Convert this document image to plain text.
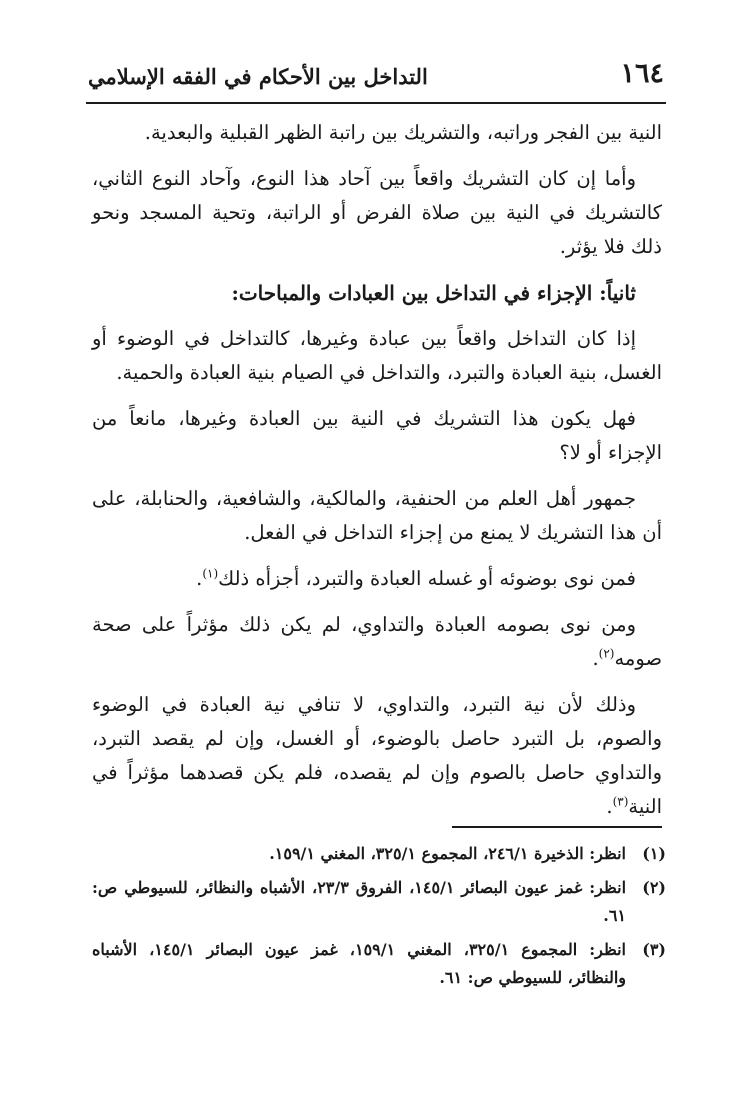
١٦٤
التداخل بين الأحكام في الفقه الإسلامي

النية بين الفجر وراتبه، والتشريك بين راتبة الظهر القبلية والبعدية.

وأما إن كان التشريك واقعاً بين آحاد هذا النوع، وآحاد النوع الثاني، كالتشريك في النية بين صلاة الفرض أو الراتبة، وتحية المسجد ونحو ذلك فلا يؤثر.

ثانياً: الإجزاء في التداخل بين العبادات والمباحات:

إذا كان التداخل واقعاً بين عبادة وغيرها، كالتداخل في الوضوء أو الغسل، بنية العبادة والتبرد، والتداخل في الصيام بنية العبادة والحمية.

فهل يكون هذا التشريك في النية بين العبادة وغيرها، مانعاً من الإجزاء أو لا؟

جمهور أهل العلم من الحنفية، والمالكية، والشافعية، والحنابلة، على أن هذا التشريك لا يمنع من إجزاء التداخل في الفعل.

فمن نوى بوضوئه أو غسله العبادة والتبرد، أجزأه ذلك$^{(١)}$.

ومن نوى بصومه العبادة والتداوي، لم يكن ذلك مؤثراً على صحة صومه$^{(٢)}$.

وذلك لأن نية التبرد، والتداوي، لا تنافي نية العبادة في الوضوء والصوم، بل التبرد حاصل بالوضوء، أو الغسل، وإن لم يقصد التبرد، والتداوي حاصل بالصوم وإن لم يقصده، فلم يكن قصدهما مؤثراً في النية$^{(٣)}$.

(١)
انظر: الذخيرة ٢٤٦/١، المجموع ٣٢٥/١، المغني ١٥٩/١.
(٢)
انظر: غمز عيون البصائر ١٤٥/١، الفروق ٢٣/٣، الأشباه والنظائر، للسيوطي ص: ٦١.
(٣)
انظر: المجموع ٣٢٥/١، المغني ١٥٩/١، غمز عيون البصائر ١٤٥/١، الأشباه والنظائر، للسيوطي ص: ٦١.
